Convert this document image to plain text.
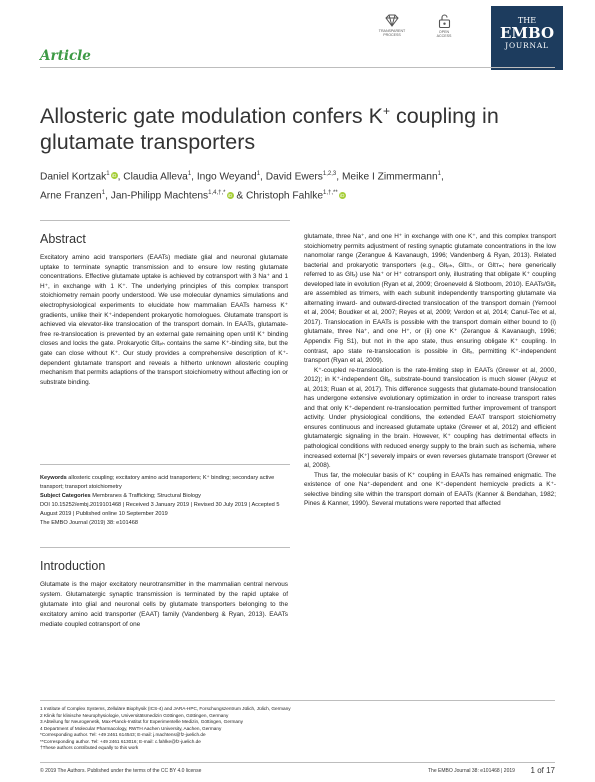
Article
TRANSPARENT
PROCESS
OPEN
ACCESS
THE
EMBO
JOURNAL
Allosteric gate modulation confers K+ coupling in
glutamate transporters
Daniel Kortzak$^1$ iD, Claudia Alleva$^1$, Ingo Weyand$^1$, David Ewers$^{1,2,3}$, Meike I Zimmermann$^1$,
Arne Franzen$^1$, Jan-Philipp Machtens$^{1,4,\dagger,*}$ iD & Christoph Fahlke$^{1,\dagger,**}$ iD
Abstract
Excitatory amino acid transporters (EAATs) mediate glial and neuronal glutamate uptake to terminate synaptic transmission and to ensure low resting glutamate concentrations. Effective glutamate uptake is achieved by cotransport with 3 Na⁺ and 1 H⁺, in exchange with 1 K⁺. The underlying principles of this complex transport stoichiometry remain poorly understood. We use molecular dynamics simulations and electrophysiological experiments to elucidate how mammalian EAATs harness K⁺ gradients, unlike their K⁺-independent prokaryotic homologues. Glutamate transport is achieved via elevator-like translocation of the transport domain. In EAATs, glutamate-free re-translocation is prevented by an external gate remaining open until K⁺ binding closes and locks the gate. Prokaryotic Gltₚₕ contains the same K⁺-binding site, but the gate can close without K⁺. Our study provides a comprehensive description of K⁺-dependent glutamate transport and reveals a hitherto unknown allosteric coupling mechanism that permits adaptions of the transport stoichiometry without affecting ion or substrate binding.
Keywords allosteric coupling; excitatory amino acid transporters; K⁺ binding; secondary active transport; transport stoichiometry
Subject Categories Membranes & Trafficking; Structural Biology
DOI 10.15252/embj.2019101468 | Received 3 January 2019 | Revised 30 July 2019 | Accepted 5 August 2019 | Published online 10 September 2019
The EMBO Journal (2019) 38: e101468
Introduction
Glutamate is the major excitatory neurotransmitter in the mammalian central nervous system. Glutamatergic synaptic transmission is terminated by the rapid uptake of glutamate into glial and neuronal cells by glutamate transporters belonging to the excitatory amino acid transporter (EAAT) family (Vandenberg & Ryan, 2013). EAATs mediate coupled cotransport of one

glutamate, three Na⁺, and one H⁺ in exchange with one K⁺, and this complex transport stoichiometry permits adjustment of resting synaptic glutamate concentrations in the low nanomolar range (Zerangue & Kavanaugh, 1996; Vandenberg & Ryan, 2013). Related bacterial and prokaryotic transporters (e.g., Gltₚₕ, Gltᴛₖ, or Gltᴛₘ; here generically referred to as Gltₓ) use Na⁺ or H⁺ cotransport only, illustrating that obligate K⁺ coupling developed late in evolution (Ryan et al, 2009; Groeneveld & Slotboom, 2010). EAATs/Gltₓ are assembled as trimers, with each subunit independently transporting glutamate via alternating inward- and outward-directed translocation of the transport domain (Yernool et al, 2004; Boudker et al, 2007; Reyes et al, 2009; Verdon et al, 2014; Canul-Tec et al, 2017). Translocation in EAATs is possible with the transport domain either bound to (i) glutamate, three Na⁺, and one H⁺, or (ii) one K⁺ (Zerangue & Kavanaugh, 1996; Appendix Fig S1), but not in the apo state, thus ensuring obligate K⁺ coupling. In contrast, apo state re-translocation is possible in Gltₓ, permitting K⁺-independent transport (Ryan et al, 2009).

K⁺-coupled re-translocation is the rate-limiting step in EAATs (Grewer et al, 2000, 2012); in K⁺-independent Gltₓ, substrate-bound translocation is much slower (Akyuz et al, 2013; Ruan et al, 2017). This difference suggests that glutamate-bound translocation has undergone extensive evolutionary optimization in order to increase transport rates and that only K⁺-dependent re-translocation permitted further improvement of transport activity. Under physiological conditions, the extended EAAT transport stoichiometry ensures continuous and increased glutamate uptake (Grewer et al, 2012) and efficient glutamatergic signaling in the brain. However, K⁺ coupling has detrimental effects in pathological conditions with reduced energy supply to the brain such as ischemia, where increased external [K⁺] severely impairs or even reverses glutamate transport (Grewer et al, 2008).

Thus far, the molecular basis of K⁺ coupling in EAATs has remained enigmatic. The existence of one Na⁺-dependent and one K⁺-dependent hemicycle predicts a K⁺-selective binding site within the transport domain of EAATs (Kanner & Bendahan, 1982; Pines & Kanner, 1990). Several mutations were reported that affected

1 Institute of Complex Systems, Zelluläre Biophysik (ICS-4) and JARA-HPC, Forschungszentrum Jülich, Jülich, Germany
2 Klinik für klinische Neurophysiologie, Universitätsmedizin Göttingen, Göttingen, Germany
3 Abteilung für Neurogenetik, Max-Planck-Institut für Experimentelle Medizin, Göttingen, Germany
4 Department of Molecular Pharmacology, RWTH Aachen University, Aachen, Germany
*Corresponding author. Tel: +49 2461 614543; E-mail: j.machtens@fz-juelich.de
**Corresponding author. Tel: +49 2461 613016; E-mail: c.fahlke@fz-juelich.de
†These authors contributed equally to this work
© 2019 The Authors. Published under the terms of the CC BY 4.0 license	The EMBO Journal 38: e101468 | 2019 1 of 17
